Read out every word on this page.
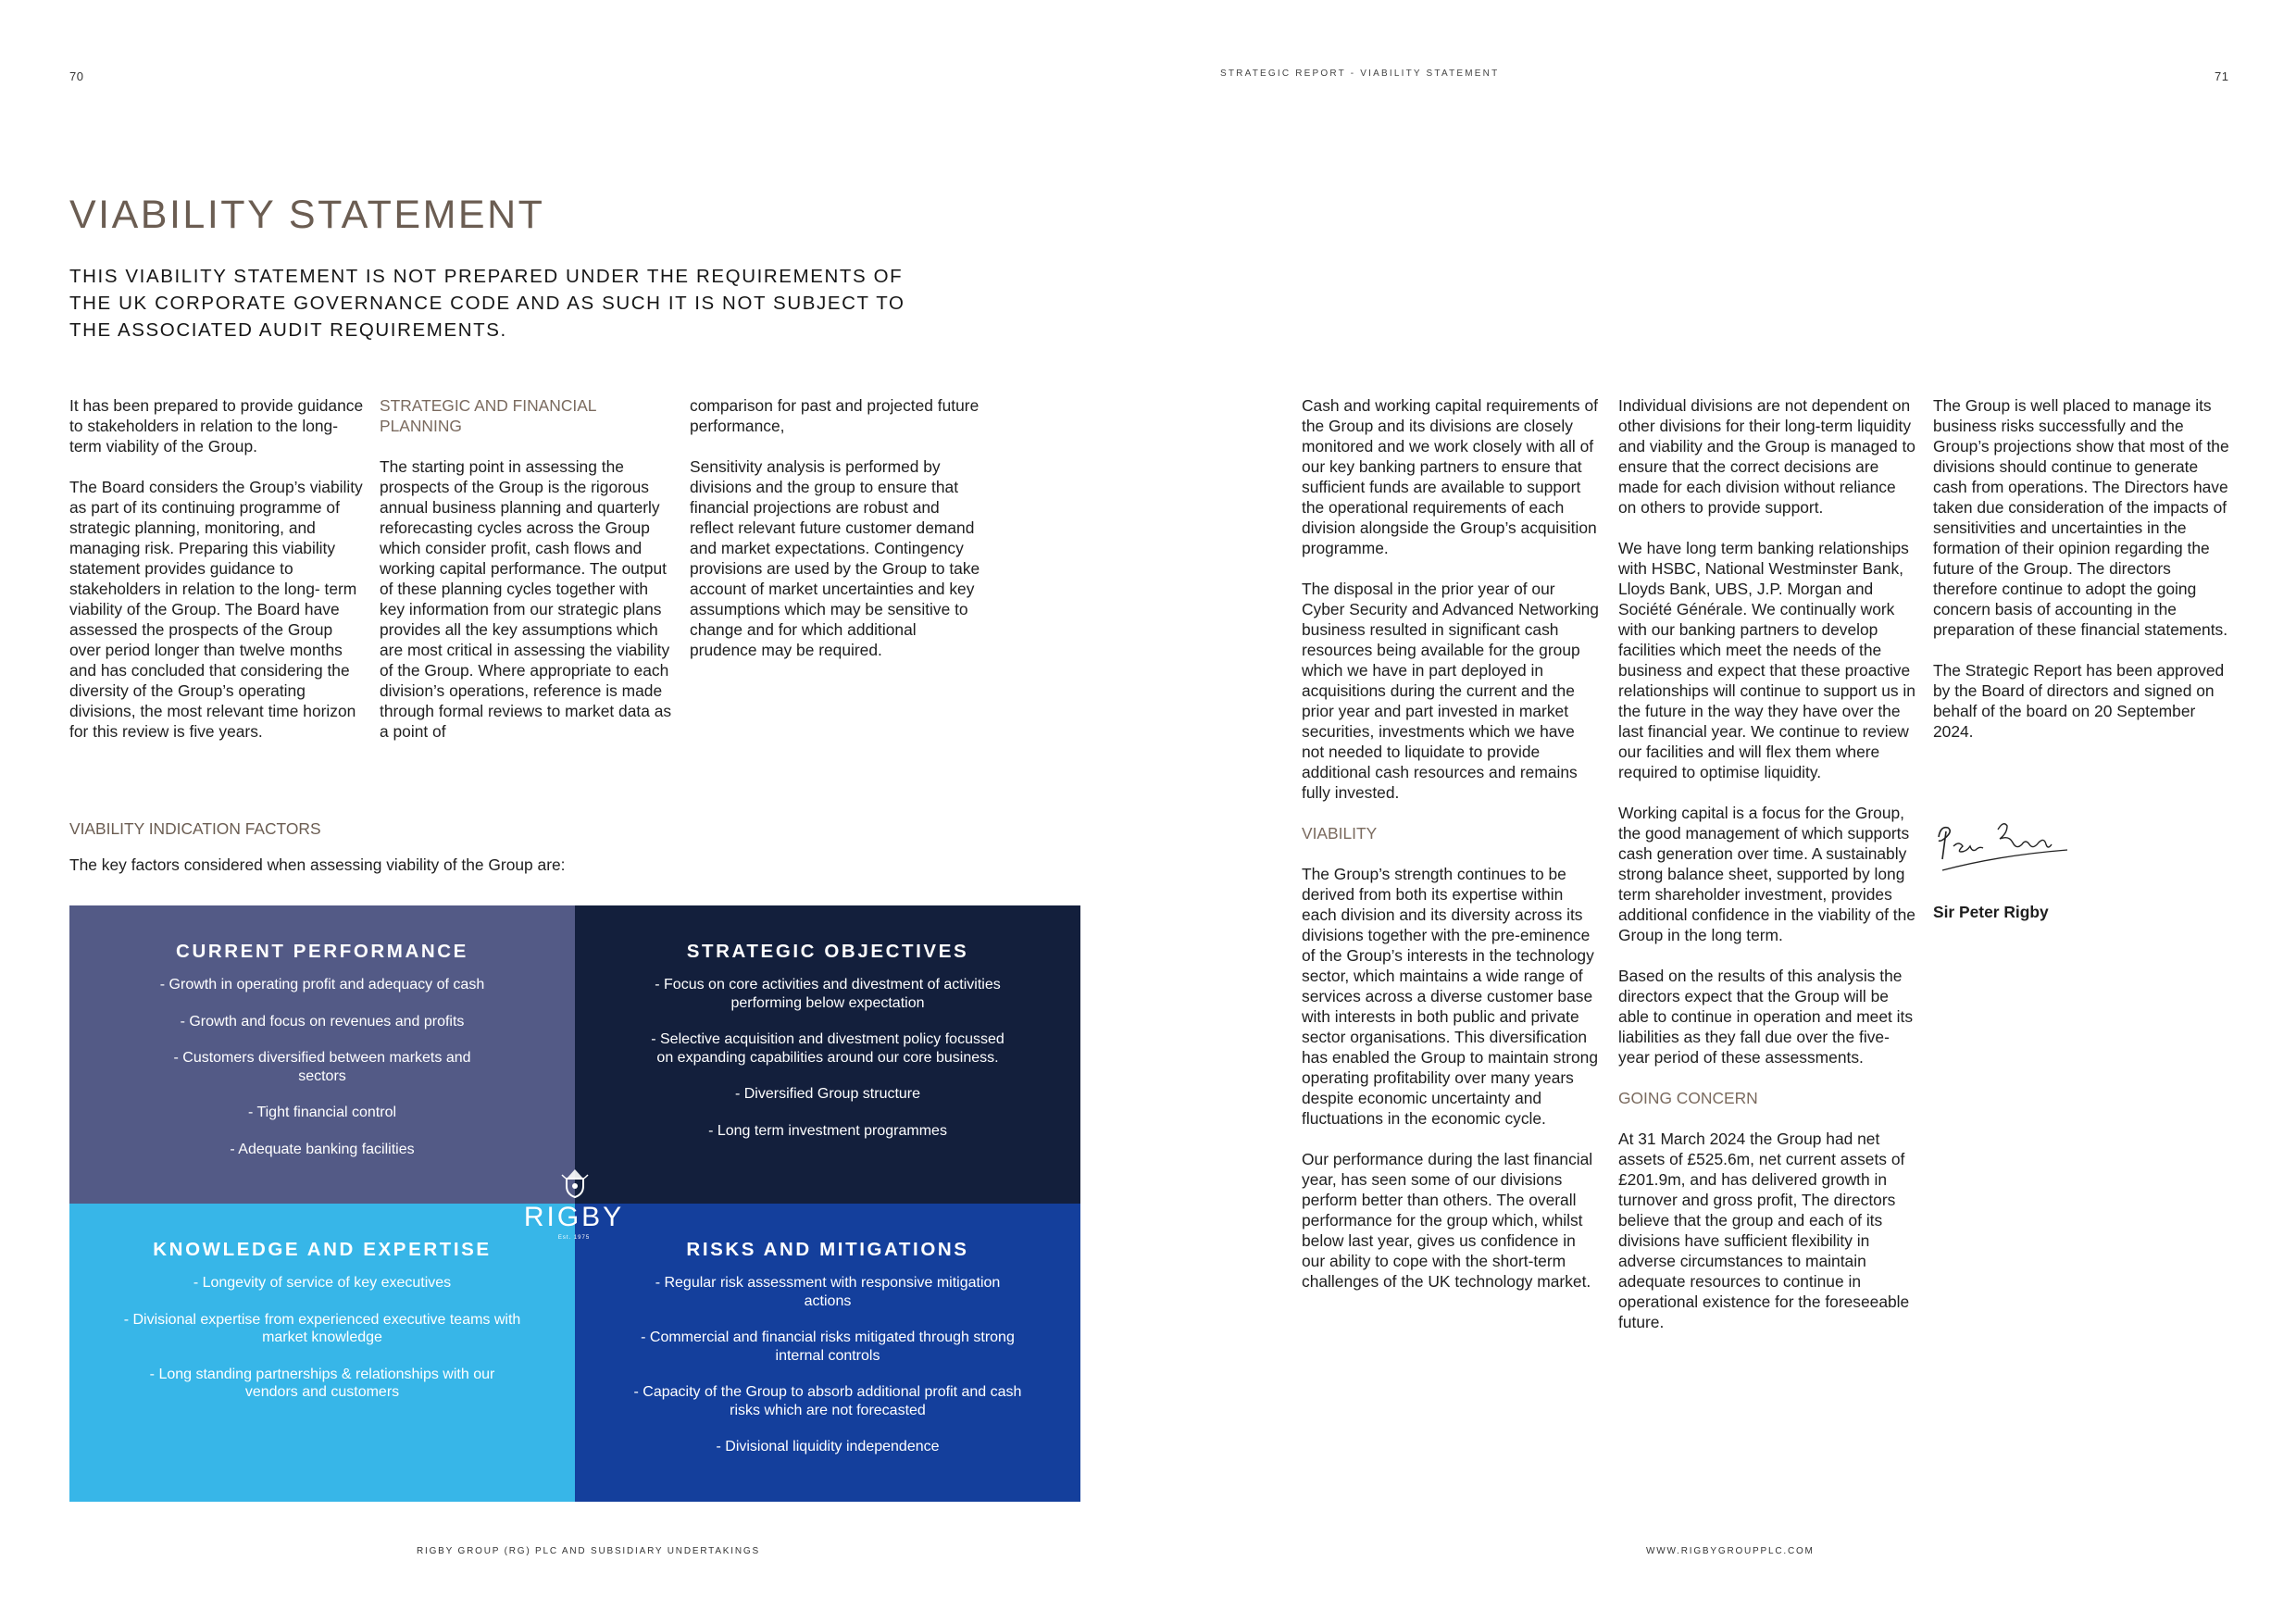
70	STRATEGIC REPORT - VIABILITY STATEMENT	71
VIABILITY STATEMENT

THIS VIABILITY STATEMENT IS NOT PREPARED UNDER THE REQUIREMENTS OF THE UK CORPORATE GOVERNANCE CODE AND AS SUCH IT IS NOT SUBJECT TO THE ASSOCIATED AUDIT REQUIREMENTS.

It has been prepared to provide guidance to stakeholders in relation to the long-term viability of the Group.

The Board considers the Group’s viability as part of its continuing programme of strategic planning, monitoring, and managing risk. Preparing this viability statement provides guidance to stakeholders in relation to the long- term viability of the Group. The Board have assessed the prospects of the Group over period longer than twelve months and has concluded that considering the diversity of the Group’s operating divisions, the most relevant time horizon for this review is five years.

STRATEGIC AND FINANCIAL PLANNING

The starting point in assessing the prospects of the Group is the rigorous annual business planning and quarterly reforecasting cycles across the Group which consider profit, cash flows and working capital performance. The output of these planning cycles together with key information from our strategic plans provides all the key assumptions which are most critical in assessing the viability of the Group. Where appropriate to each division’s operations, reference is made through formal reviews to market data as a point of

comparison for past and projected future performance,

Sensitivity analysis is performed by divisions and the group to ensure that financial projections are robust and reflect relevant future customer demand and market expectations. Contingency provisions are used by the Group to take account of market uncertainties and key assumptions which may be sensitive to change and for which additional prudence may be required.

VIABILITY INDICATION FACTORS

The key factors considered when assessing viability of the Group are:

CURRENT PERFORMANCE
- Growth in operating profit and adequacy of cash
- Growth and focus on revenues and profits
- Customers diversified between markets and sectors
- Tight financial control
- Adequate banking facilities
STRATEGIC OBJECTIVES
- Focus on core activities and divestment of activities performing below expectation
- Selective acquisition and divestment policy focussed on expanding capabilities around our core business.
- Diversified Group structure
- Long term investment programmes
KNOWLEDGE AND EXPERTISE
- Longevity of service of key executives
- Divisional expertise from experienced executive teams with market knowledge
- Long standing partnerships & relationships with our vendors and customers
RISKS AND MITIGATIONS
- Regular risk assessment with responsive mitigation actions
- Commercial and financial risks mitigated through strong internal controls
- Capacity of the Group to absorb additional profit and cash risks which are not forecasted
- Divisional liquidity independence
RIGBY
Est. 1975

Cash and working capital requirements of the Group and its divisions are closely monitored and we work closely with all of our key banking partners to ensure that sufficient funds are available to support the operational requirements of each division alongside the Group’s acquisition programme.

The disposal in the prior year of our Cyber Security and Advanced Networking business resulted in significant cash resources being available for the group which we have in part deployed in acquisitions during the current and the prior year and part invested in market securities, investments which we have not needed to liquidate to provide additional cash resources and remains fully invested.

VIABILITY

The Group’s strength continues to be derived from both its expertise within each division and its diversity across its divisions together with the pre-eminence of the Group’s interests in the technology sector, which maintains a wide range of services across a diverse customer base with interests in both public and private sector organisations. This diversification has enabled the Group to maintain strong operating profitability over many years despite economic uncertainty and fluctuations in the economic cycle.

Our performance during the last financial year, has seen some of our divisions perform better than others. The overall performance for the group which, whilst below last year, gives us confidence in our ability to cope with the short-term challenges of the UK technology market.

Individual divisions are not dependent on other divisions for their long-term liquidity and viability and the Group is managed to ensure that the correct decisions are made for each division without reliance on others to provide support.

We have long term banking relationships with HSBC, National Westminster Bank, Lloyds Bank, UBS, J.P. Morgan and Société Générale. We continually work with our banking partners to develop facilities which meet the needs of the business and expect that these proactive relationships will continue to support us in the future in the way they have over the last financial year. We continue to review our facilities and will flex them where required to optimise liquidity.

Working capital is a focus for the Group, the good management of which supports cash generation over time. A sustainably strong balance sheet, supported by long term shareholder investment, provides additional confidence in the viability of the Group in the long term.

Based on the results of this analysis the directors expect that the Group will be able to continue in operation and meet its liabilities as they fall due over the five-year period of these assessments.

GOING CONCERN

At 31 March 2024 the Group had net assets of £525.6m, net current assets of £201.9m, and has delivered growth in turnover and gross profit, The directors believe that the group and each of its divisions have sufficient flexibility in adverse circumstances to maintain adequate resources to continue in operational existence for the foreseeable future.

The Group is well placed to manage its business risks successfully and the Group’s projections show that most of the divisions should continue to generate cash from operations. The Directors have taken due consideration of the impacts of sensitivities and uncertainties in the formation of their opinion regarding the future of the Group. The directors therefore continue to adopt the going concern basis of accounting in the preparation of these financial statements.

The Strategic Report has been approved by the Board of directors and signed on behalf of the board on 20 September 2024.

Sir Peter Rigby
RIGBY GROUP (RG) PLC AND SUBSIDIARY UNDERTAKINGS	WWW.RIGBYGROUPPLC.COM
